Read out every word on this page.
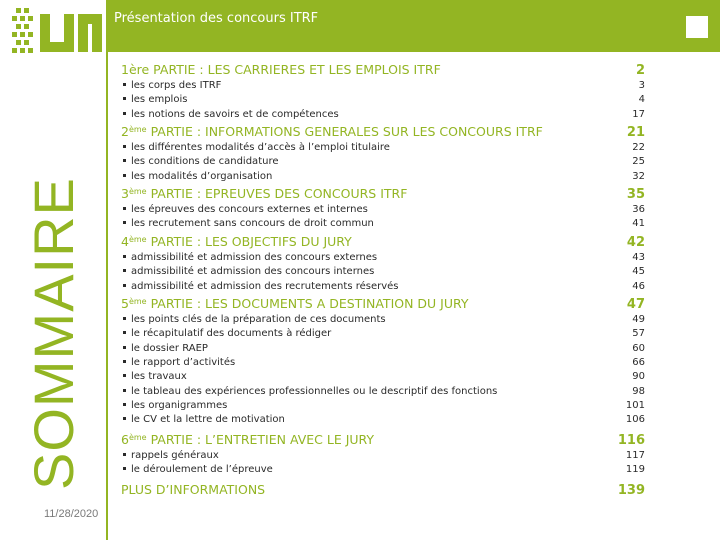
SOMMAIRE
11/28/2020
Présentation des concours ITRF
1ère PARTIE : LES CARRIERES ET LES EMPLOIS ITRF	2
les corps des ITRF	3
les emplois	4
les notions de savoirs et de compétences	17
2ème PARTIE : INFORMATIONS GENERALES SUR LES CONCOURS ITRF	21
les différentes modalités d’accès à l’emploi titulaire	22
les conditions de candidature	25
les modalités d’organisation	32
3ème PARTIE : EPREUVES DES CONCOURS ITRF	35
les épreuves des concours externes et internes	36
les recrutement sans concours de droit commun	41
4ème PARTIE : LES OBJECTIFS DU JURY	42
admissibilité et admission des concours externes	43
admissibilité et admission des concours internes	45
admissibilité et admission des recrutements réservés	46
5ème PARTIE : LES DOCUMENTS A DESTINATION DU JURY	47
les points clés de la préparation de ces documents	49
le récapitulatif des documents à rédiger	57
le dossier RAEP	60
le rapport d’activités	66
les travaux	90
le tableau des expériences professionnelles ou le descriptif des fonctions	98
les organigrammes	101
le CV et la lettre de motivation	106
6ème PARTIE : L’ENTRETIEN AVEC LE JURY	116
rappels généraux	117
le déroulement de l’épreuve	119
PLUS D’INFORMATIONS	139
